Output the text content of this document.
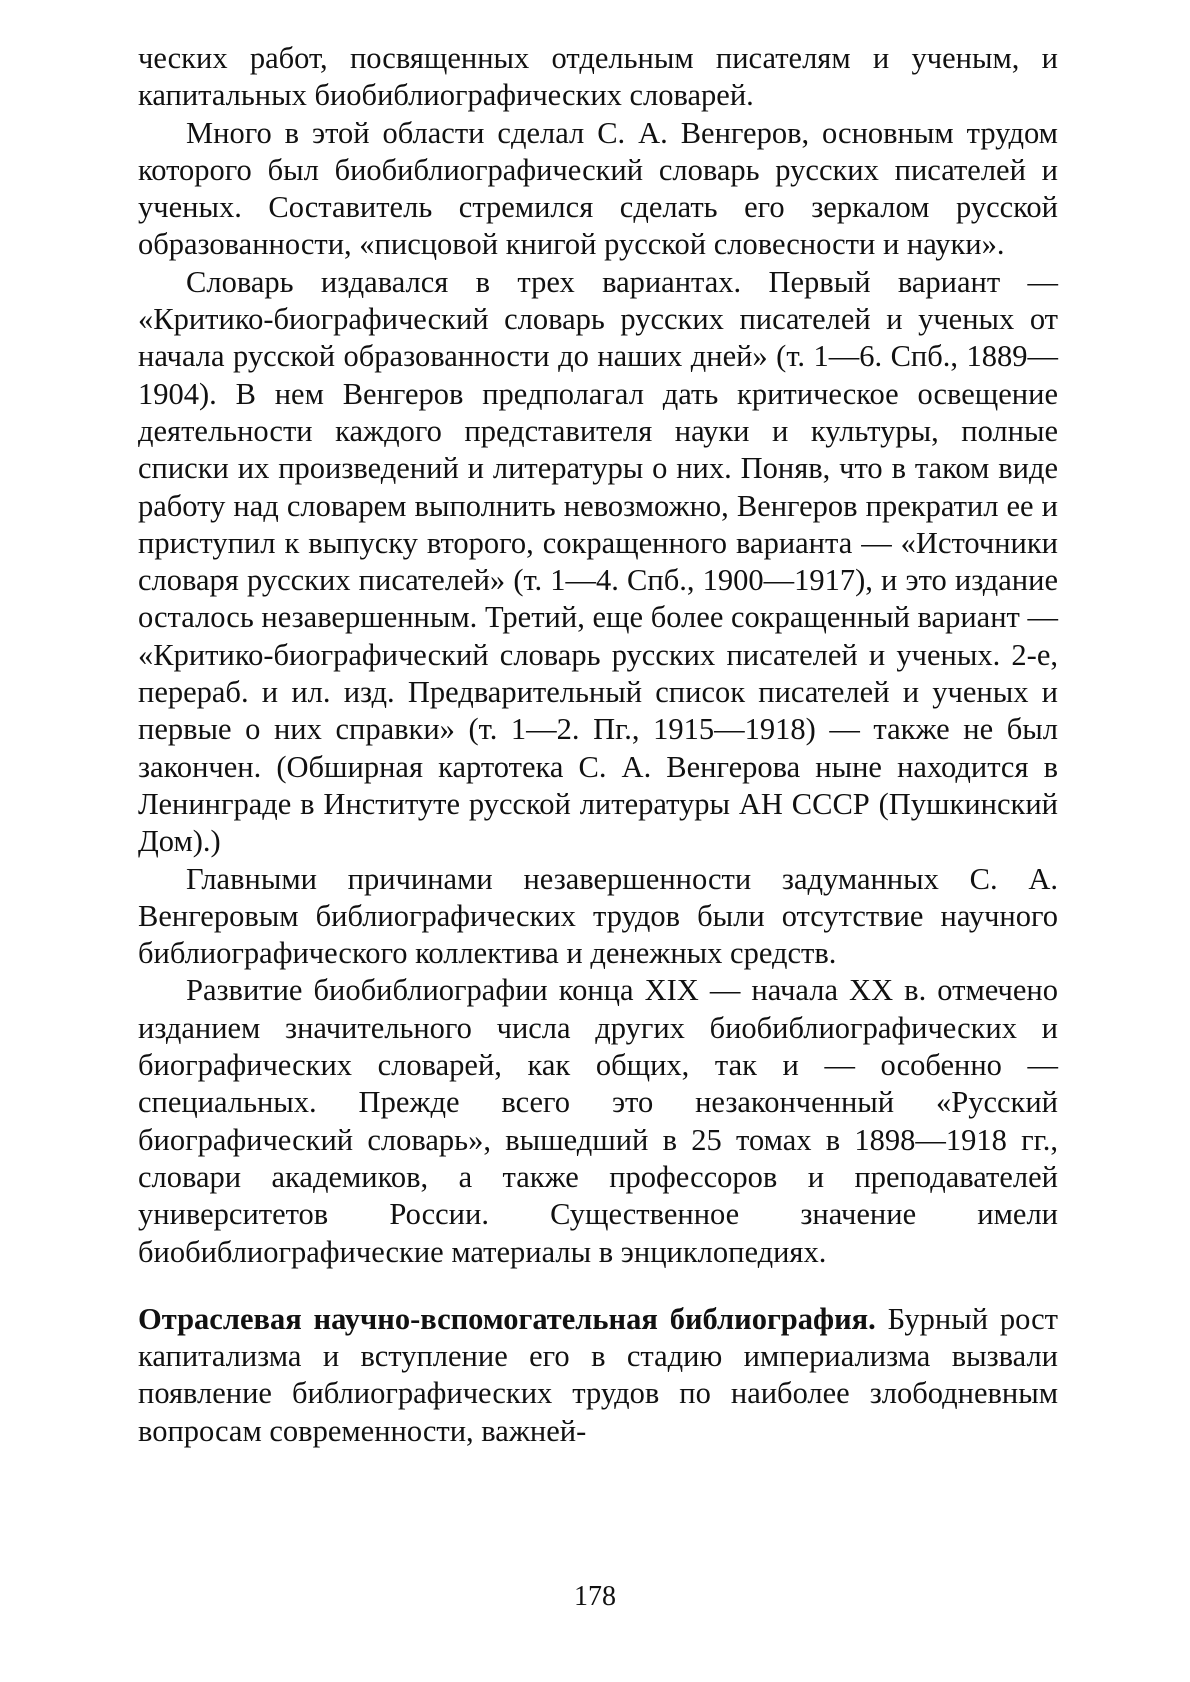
ческих работ, посвященных отдельным писателям и ученым, и капитальных биобиблиографических словарей.

Много в этой области сделал С. А. Венгеров, основным трудом которого был биобиблиографический словарь русских писателей и ученых. Составитель стремился сделать его зеркалом русской образованности, «писцовой книгой русской словесности и науки».

Словарь издавался в трех вариантах. Первый вариант — «Критико-биографический словарь русских писателей и ученых от начала русской образованности до наших дней» (т. 1—6. Спб., 1889—1904). В нем Венгеров предполагал дать критическое освещение деятельности каждого представителя науки и культуры, полные списки их произведений и литературы о них. Поняв, что в таком виде работу над словарем выполнить невозможно, Венгеров прекратил ее и приступил к выпуску второго, сокращенного варианта — «Источники словаря русских писателей» (т. 1—4. Спб., 1900—1917), и это издание осталось незавершенным. Третий, еще более сокращенный вариант — «Критико-биографический словарь русских писателей и ученых. 2-е, перераб. и ил. изд. Предварительный список писателей и ученых и первые о них справки» (т. 1—2. Пг., 1915—1918) — также не был закончен. (Обширная картотека С. А. Венгерова ныне находится в Ленинграде в Институте русской литературы АН СССР (Пушкинский Дом).)

Главными причинами незавершенности задуманных С. А. Венгеровым библиографических трудов были отсутствие научного библиографического коллектива и денежных средств.

Развитие биобиблиографии конца XIX — начала XX в. отмечено изданием значительного числа других биобиблиографических и биографических словарей, как общих, так и — особенно — специальных. Прежде всего это незаконченный «Русский биографический словарь», вышедший в 25 томах в 1898—1918 гг., словари академиков, а также профессоров и преподавателей университетов России. Существенное значение имели биобиблиографические материалы в энциклопедиях.

Отраслевая научно-вспомогательная библиография. Бурный рост капитализма и вступление его в стадию империализма вызвали появление библиографических трудов по наиболее злободневным вопросам современности, важней-

178
